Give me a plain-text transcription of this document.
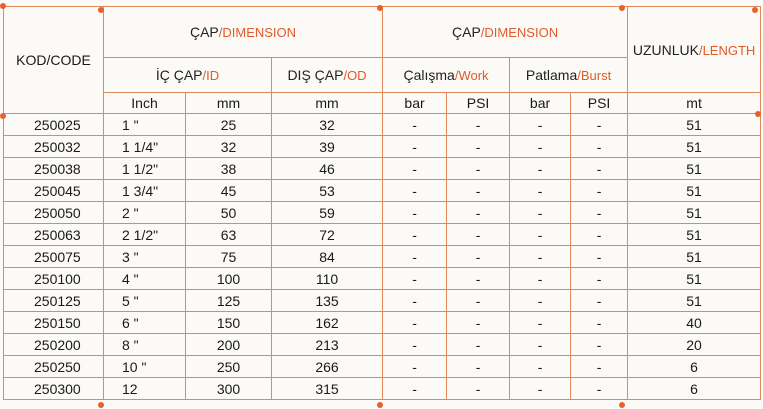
KOD/CODE	ÇAP/DIMENSION			ÇAP/DIMENSION				UZUNLUK/LENGTH
	İÇ ÇAP/ID		DIŞ ÇAP/OD	Çalışma/Work		Patlama/Burst		
	Inch	mm	mm	bar	PSI	bar	PSI	mt
250025	1 "	25	32	-	-	-	-	51
250032	1 1/4"	32	39	-	-	-	-	51
250038	1 1/2"	38	46	-	-	-	-	51
250045	1 3/4"	45	53	-	-	-	-	51
250050	2 "	50	59	-	-	-	-	51
250063	2 1/2"	63	72	-	-	-	-	51
250075	3 "	75	84	-	-	-	-	51
250100	4 "	100	110	-	-	-	-	51
250125	5 "	125	135	-	-	-	-	51
250150	6 "	150	162	-	-	-	-	40
250200	8 "	200	213	-	-	-	-	20
250250	10 "	250	266	-	-	-	-	6
250300	12	300	315	-	-	-	-	6
